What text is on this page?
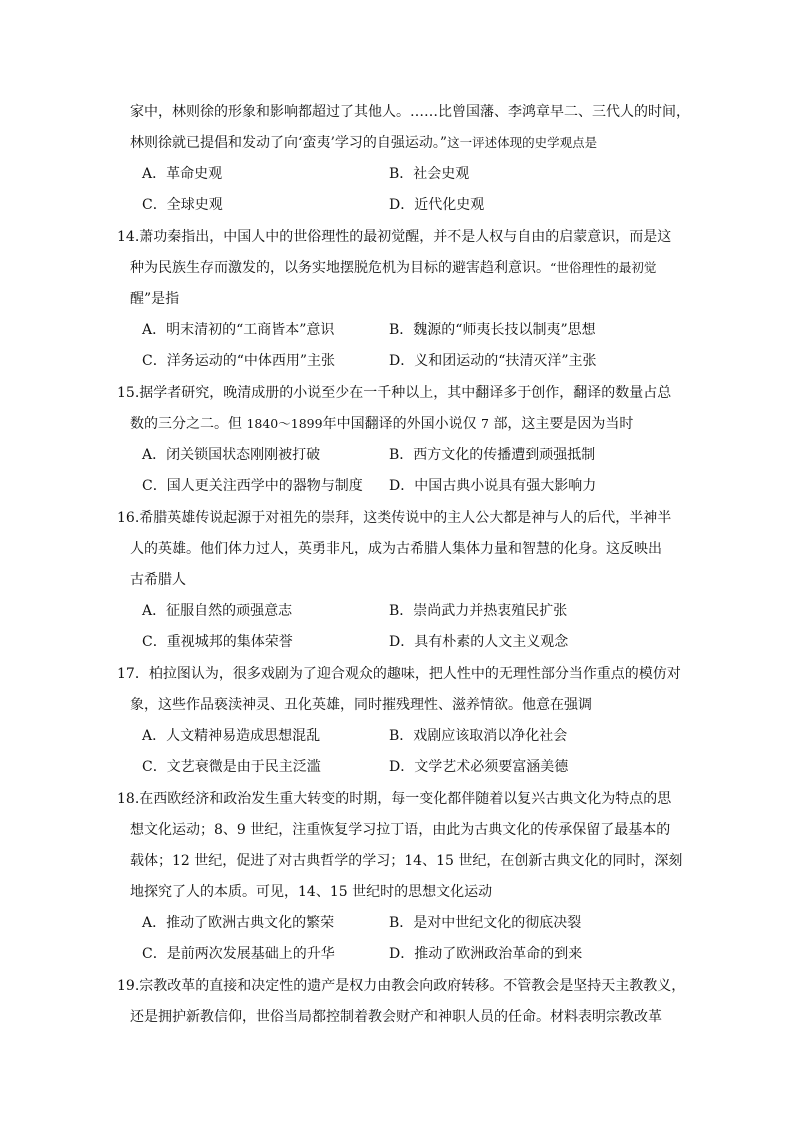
家中，林则徐的形象和影响都超过了其他人。……比曾国藩、李鸿章早二、三代人的时间，
林则徐就已提倡和发动了向‘蛮夷’学习的自强运动。”这一评述体现的史学观点是
A．革命史观	B．社会史观
C．全球史观	D．近代化史观
14.萧功秦指出，中国人中的世俗理性的最初觉醒，并不是人权与自由的启蒙意识，而是这
种为民族生存而激发的，以务实地摆脱危机为目标的避害趋利意识。“世俗理性的最初觉
醒”是指
A．明末清初的“工商皆本”意识	B．魏源的“师夷长技以制夷”思想
C．洋务运动的“中体西用”主张	D．义和团运动的“扶清灭洋”主张
15.据学者研究，晚清成册的小说至少在一千种以上，其中翻译多于创作，翻译的数量占总
数的三分之二。但 1840～1899年中国翻译的外国小说仅 7 部，这主要是因为当时
A．闭关锁国状态刚刚被打破	B．西方文化的传播遭到顽强抵制
C．国人更关注西学中的器物与制度 D．中国古典小说具有强大影响力
16.希腊英雄传说起源于对祖先的崇拜，这类传说中的主人公大都是神与人的后代，半神半
人的英雄。他们体力过人，英勇非凡，成为古希腊人集体力量和智慧的化身。这反映出
古希腊人
A．征服自然的顽强意志	B．崇尚武力并热衷殖民扩张
C．重视城邦的集体荣誉	D．具有朴素的人文主义观念
17．柏拉图认为，很多戏剧为了迎合观众的趣味，把人性中的无理性部分当作重点的模仿对
象，这些作品亵渎神灵、丑化英雄，同时摧残理性、滋养情欲。他意在强调
A．人文精神易造成思想混乱	B．戏剧应该取消以净化社会
C．文艺衰微是由于民主泛滥	D．文学艺术必须要富涵美德
18.在西欧经济和政治发生重大转变的时期，每一变化都伴随着以复兴古典文化为特点的思
想文化运动；8、9 世纪，注重恢复学习拉丁语，由此为古典文化的传承保留了最基本的
载体；12 世纪，促进了对古典哲学的学习；14、15 世纪，在创新古典文化的同时，深刻
地探究了人的本质。可见，14、15 世纪时的思想文化运动
A．推动了欧洲古典文化的繁荣	B．是对中世纪文化的彻底决裂
C．是前两次发展基础上的升华	D．推动了欧洲政治革命的到来
19.宗教改革的直接和决定性的遗产是权力由教会向政府转移。不管教会是坚持天主教教义，
还是拥护新教信仰，世俗当局都控制着教会财产和神职人员的任命。材料表明宗教改革
